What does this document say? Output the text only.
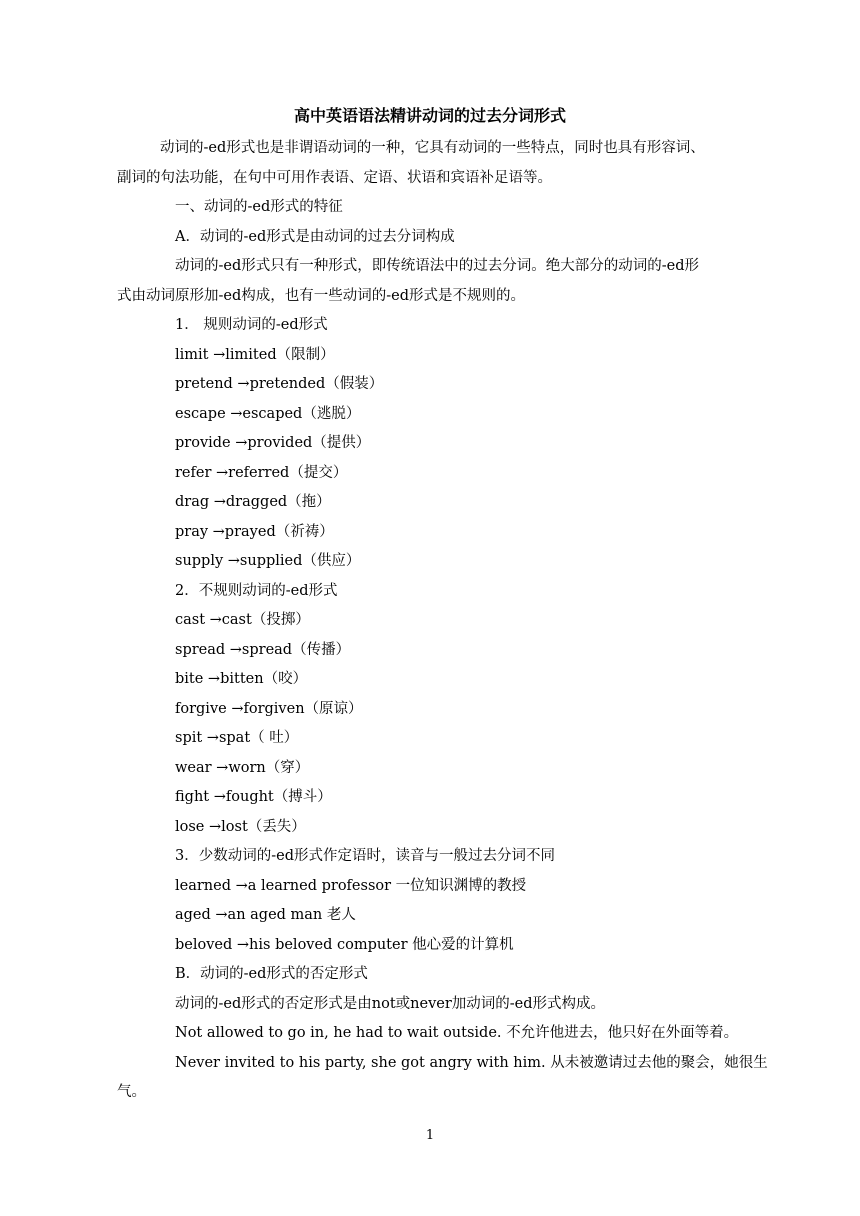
高中英语语法精讲动词的过去分词形式
动词的-ed形式也是非谓语动词的一种，它具有动词的一些特点，同时也具有形容词、
副词的句法功能，在句中可用作表语、定语、状语和宾语补足语等。
一、动词的-ed形式的特征
A．动词的-ed形式是由动词的过去分词构成
动词的-ed形式只有一种形式，即传统语法中的过去分词。绝大部分的动词的-ed形
式由动词原形加-ed构成，也有一些动词的-ed形式是不规则的。
1． 规则动词的-ed形式
limit →limited（限制）
pretend →pretended（假装）
escape →escaped（逃脱）
provide →provided（提供）
refer →referred（提交）
drag →dragged（拖）
pray →prayed（祈祷）
supply →supplied（供应）
2．不规则动词的-ed形式
cast →cast（投掷）
spread →spread（传播）
bite →bitten（咬）
forgive →forgiven（原谅）
spit →spat（ 吐）
wear →worn（穿）
fight →fought（搏斗）
lose →lost（丢失）
3．少数动词的-ed形式作定语时，读音与一般过去分词不同
learned →a learned professor 一位知识渊博的教授
aged →an aged man 老人
beloved →his beloved computer 他心爱的计算机
B．动词的-ed形式的否定形式
动词的-ed形式的否定形式是由not或never加动词的-ed形式构成。
Not allowed to go in, he had to wait outside. 不允许他进去，他只好在外面等着。
Never invited to his party, she got angry with him. 从未被邀请过去他的聚会，她很生
气。
1
